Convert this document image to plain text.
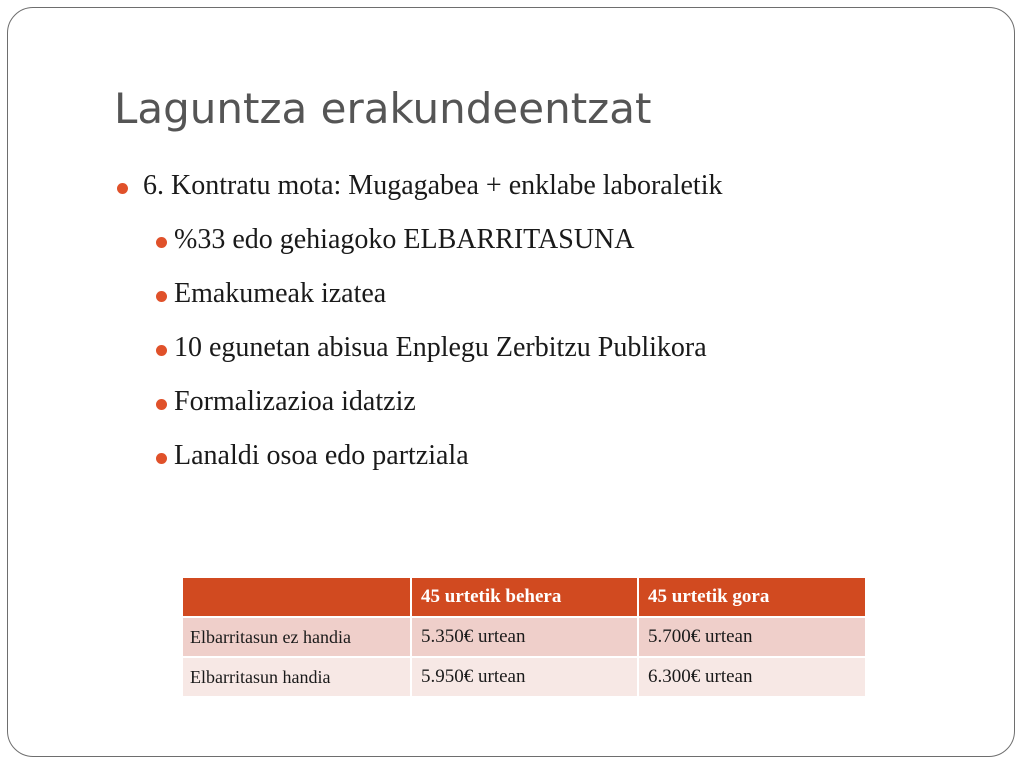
Laguntza erakundeentzat
6. Kontratu mota: Mugagabea + enklabe laboraletik
%33 edo gehiagoko ELBARRITASUNA
Emakumeak izatea
10 egunetan abisua Enplegu Zerbitzu Publikora
Formalizazioa idatziz
Lanaldi osoa edo partziala
	45 urtetik behera	45 urtetik gora
Elbarritasun ez handia	5.350€ urtean	5.700€ urtean
Elbarritasun handia	5.950€ urtean	6.300€ urtean
